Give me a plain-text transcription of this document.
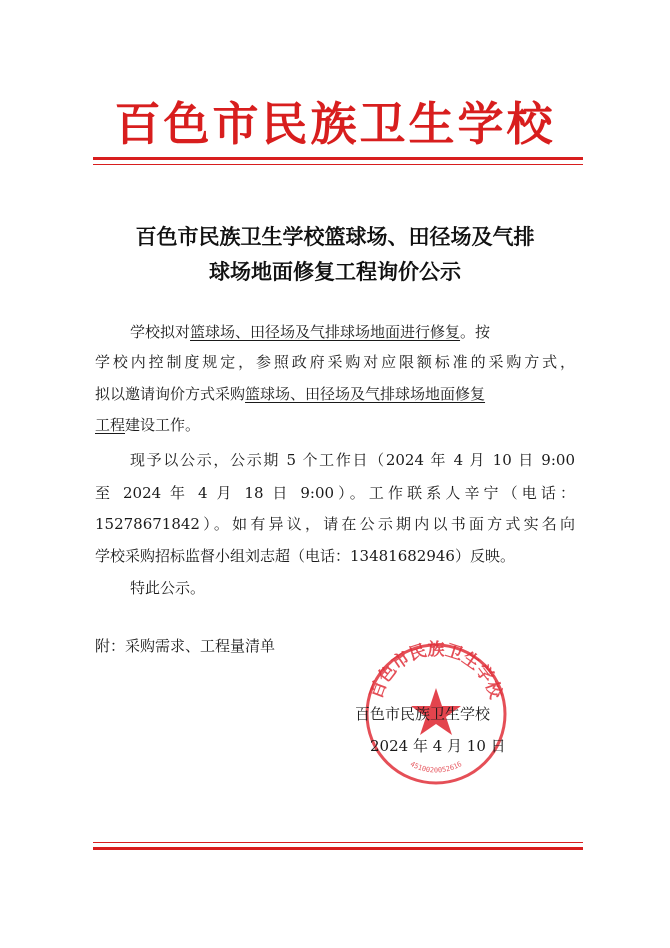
百色市民族卫生学校
百色市民族卫生学校篮球场、田径场及气排
球场地面修复工程询价公示
学校拟对篮球场、田径场及气排球场地面进行修复。按
学校内控制度规定，参照政府采购对应限额标准的采购方式，
拟以邀请询价方式采购篮球场、田径场及气排球场地面修复
工程建设工作。
现予以公示，公示期 5 个工作日（2024 年 4 月 10 日 9:00
至 2024 年 4 月 18 日 9:00）。工作联系人辛宁（电话：
15278671842）。如有异议，请在公示期内以书面方式实名向
学校采购招标监督小组刘志超（电话：13481682946）反映。
特此公示。
附：采购需求、工程量清单
百色市民族卫生学校
4510020052616
百色市民族卫生学校
2024 年 4 月 10 日
